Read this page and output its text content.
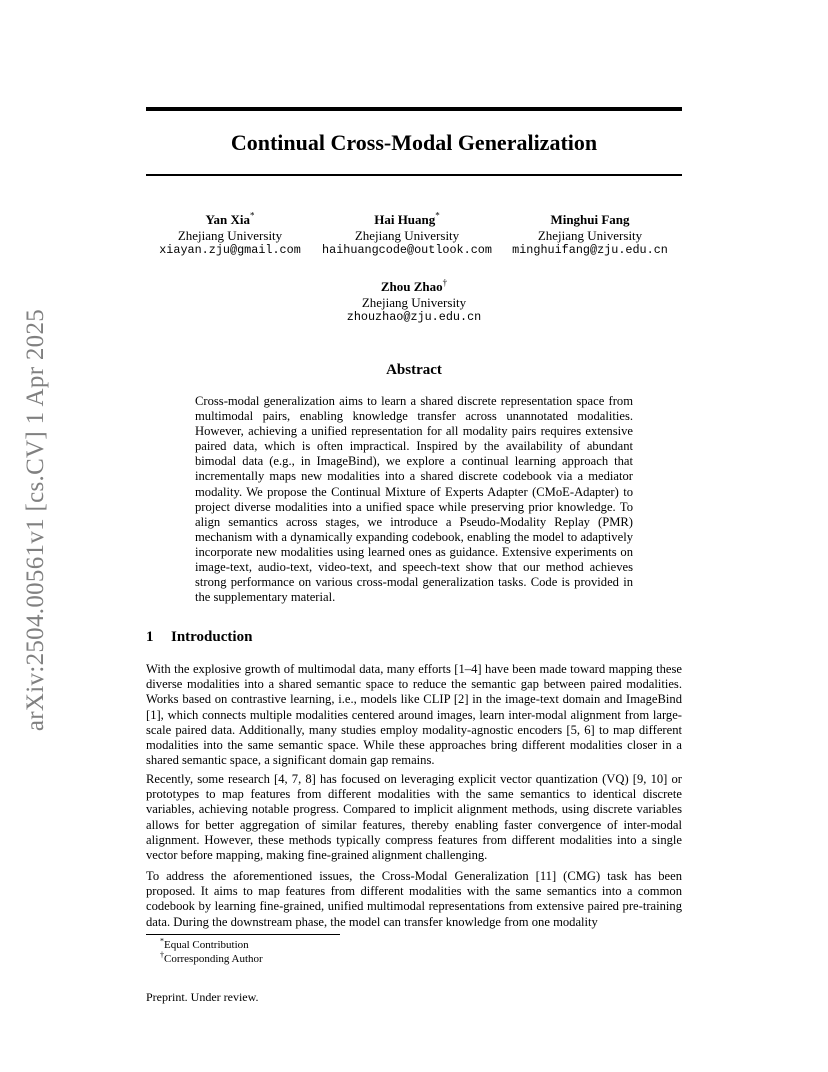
arXiv:2504.00561v1 [cs.CV] 1 Apr 2025
Continual Cross-Modal Generalization
Yan Xia*
Zhejiang University
xiayan.zju@gmail.com
Hai Huang*
Zhejiang University
haihuangcode@outlook.com
Minghui Fang
Zhejiang University
minghuifang@zju.edu.cn
Zhou Zhao†
Zhejiang University
zhouzhao@zju.edu.cn
Abstract
Cross-modal generalization aims to learn a shared discrete representation space from multimodal pairs, enabling knowledge transfer across unannotated modalities. However, achieving a unified representation for all modality pairs requires extensive paired data, which is often impractical. Inspired by the availability of abundant bimodal data (e.g., in ImageBind), we explore a continual learning approach that incrementally maps new modalities into a shared discrete codebook via a mediator modality. We propose the Continual Mixture of Experts Adapter (CMoE-Adapter) to project diverse modalities into a unified space while preserving prior knowledge. To align semantics across stages, we introduce a Pseudo-Modality Replay (PMR) mechanism with a dynamically expanding codebook, enabling the model to adaptively incorporate new modalities using learned ones as guidance. Extensive experiments on image-text, audio-text, video-text, and speech-text show that our method achieves strong performance on various cross-modal generalization tasks. Code is provided in the supplementary material.
1 Introduction
With the explosive growth of multimodal data, many efforts [1–4] have been made toward mapping these diverse modalities into a shared semantic space to reduce the semantic gap between paired modalities. Works based on contrastive learning, i.e., models like CLIP [2] in the image-text domain and ImageBind [1], which connects multiple modalities centered around images, learn inter-modal alignment from large-scale paired data. Additionally, many studies employ modality-agnostic encoders [5, 6] to map different modalities into the same semantic space. While these approaches bring different modalities closer in a shared semantic space, a significant domain gap remains.
Recently, some research [4, 7, 8] has focused on leveraging explicit vector quantization (VQ) [9, 10] or prototypes to map features from different modalities with the same semantics to identical discrete variables, achieving notable progress. Compared to implicit alignment methods, using discrete variables allows for better aggregation of similar features, thereby enabling faster convergence of inter-modal alignment. However, these methods typically compress features from different modalities into a single vector before mapping, making fine-grained alignment challenging.
To address the aforementioned issues, the Cross-Modal Generalization [11] (CMG) task has been proposed. It aims to map features from different modalities with the same semantics into a common codebook by learning fine-grained, unified multimodal representations from extensive paired pre-training data. During the downstream phase, the model can transfer knowledge from one modality
*Equal Contribution
†Corresponding Author
Preprint. Under review.
